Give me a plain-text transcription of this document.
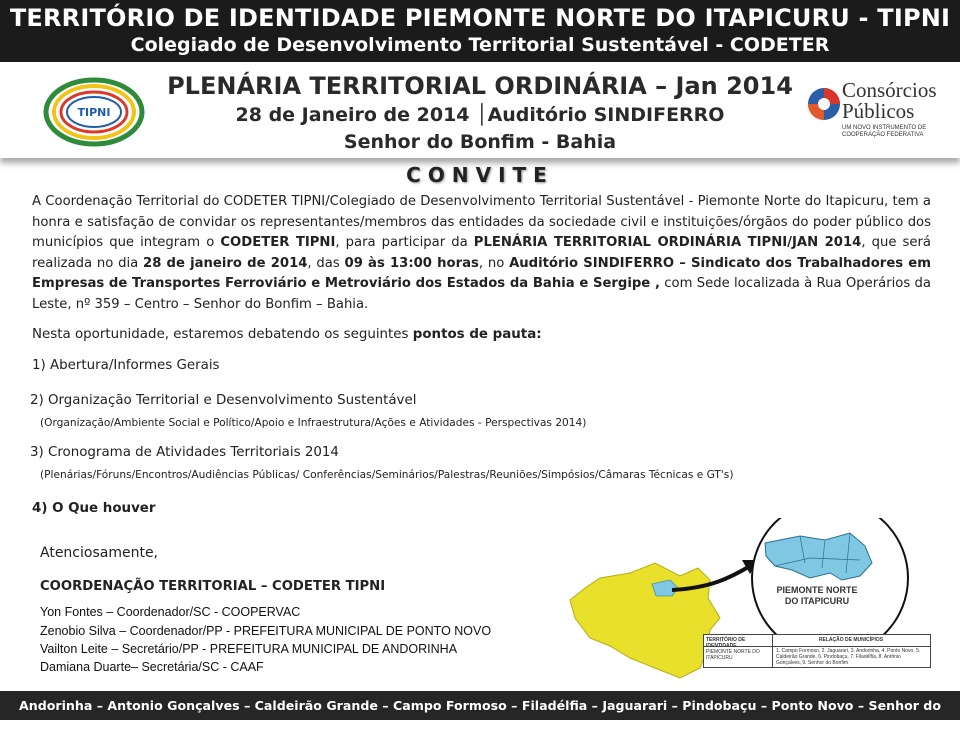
TERRITÓRIO DE IDENTIDADE PIEMONTE NORTE DO ITAPICURU - TIPNI
Colegiado de Desenvolvimento Territorial Sustentável - CODETER
PLENÁRIA TERRITORIAL ORDINÁRIA – Jan 2014
28 de Janeiro de 2014 │Auditório SINDIFERRO
Senhor do Bonfim - Bahia
TIPNI
Consórcios
Públicos
UM NOVO INSTRUMENTO DE COOPERAÇÃO FEDERATIVA
CONVITE
A Coordenação Territorial do CODETER TIPNI/Colegiado de Desenvolvimento Territorial Sustentável - Piemonte Norte do Itapicuru, tem a honra e satisfação de convidar os representantes/membros das entidades da sociedade civil e instituições/órgãos do poder público dos municípios que integram o CODETER TIPNI, para participar da PLENÁRIA TERRITORIAL ORDINÁRIA TIPNI/JAN 2014, que será realizada no dia 28 de janeiro de 2014, das 09 às 13:00 horas, no Auditório SINDIFERRO – Sindicato dos Trabalhadores em Empresas de Transportes Ferroviário e Metroviário dos Estados da Bahia e Sergipe , com Sede localizada à Rua Operários da Leste, nº 359 – Centro – Senhor do Bonfim – Bahia.
Nesta oportunidade, estaremos debatendo os seguintes pontos de pauta:
1) Abertura/Informes Gerais
2) Organização Territorial e Desenvolvimento Sustentável
(Organização/Ambiente Social e Político/Apoio e Infraestrutura/Ações e Atividades - Perspectivas 2014)
3) Cronograma de Atividades Territoriais 2014
(Plenárias/Fóruns/Encontros/Audiências Públicas/ Conferências/Seminários/Palestras/Reuniões/Simpósios/Câmaras Técnicas e GT's)
4) O Que houver
Atenciosamente,
COORDENAÇÃO TERRITORIAL – CODETER TIPNI
Yon Fontes – Coordenador/SC - COOPERVAC
Zenobio Silva – Coordenador/PP - PREFEITURA MUNICIPAL DE PONTO NOVO
Vailton Leite – Secretário/PP - PREFEITURA MUNICIPAL DE ANDORINHA
Damiana Duarte– Secretária/SC - CAAF
PIEMONTE NORTE
DO ITAPICURU
TERRITÓRIO DE	RELAÇÃO DE MUNICÍPIOS
PIEMONTE NORTE DO ITAPICURU
1. Campo Formoso, 2. Jaguarari, 3. Andorinha, 4. Ponto Novo, 5. Caldeirão Grande, 6. Pindobaçu, 7. Filadélfia, 8. Antônio Gonçalves, 9. Senhor do Bonfim
Andorinha – Antonio Gonçalves – Caldeirão Grande – Campo Formoso – Filadélfia – Jaguarari – Pindobaçu – Ponto Novo – Senhor do Bonfim
